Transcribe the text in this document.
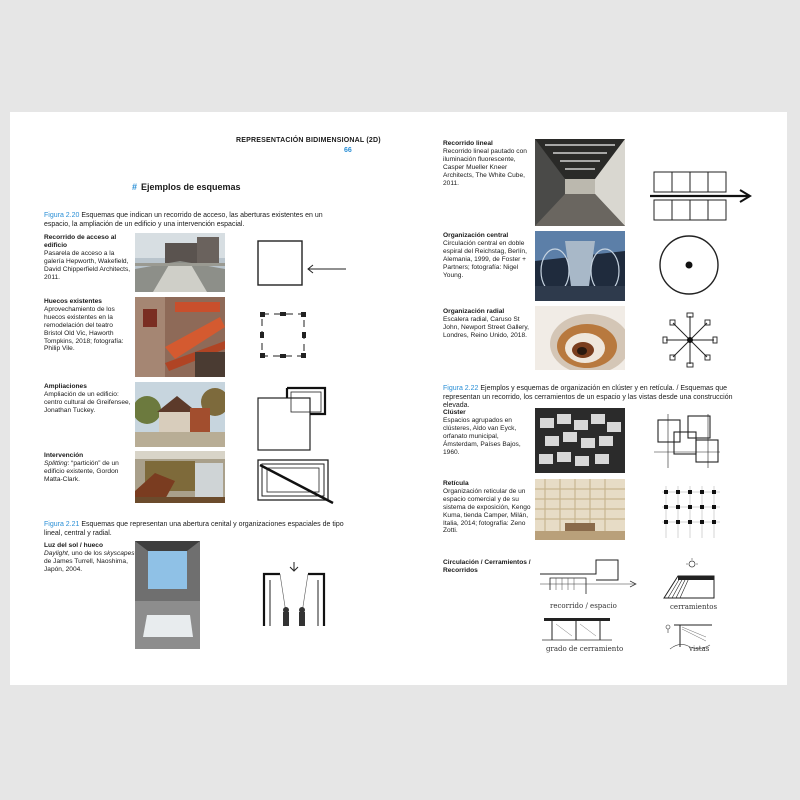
REPRESENTACIÓN BIDIMENSIONAL (2D)
66
# Ejemplos de esquemas
Figura 2.20 Esquemas que indican un recorrido de acceso, las aberturas existentes en un espacio, la ampliación de un edificio y una intervención espacial.
Recorrido de acceso al edificio
Pasarela de acceso a la galería Hepworth, Wakefield, David Chipperfield Architects, 2011.
Huecos existentes
Aprovechamiento de los huecos existentes en la remodelación del teatro Bristol Old Vic, Haworth Tompkins, 2018; fotografía: Philip Vile.
Ampliaciones
Ampliación de un edificio: centro cultural de Greifensee, Jonathan Tuckey.
Intervención
Splitting: “partición” de un edificio existente, Gordon Matta-Clark.
Figura 2.21 Esquemas que representan una abertura cenital y organizaciones espaciales de tipo lineal, central y radial.
Luz del sol / hueco
Daylight, uno de los skyscapes de James Turrell, Naoshima, Japón, 2004.
Recorrido lineal
Recorrido lineal pautado con iluminación fluorescente, Casper Mueller Kneer Architects, The White Cube, 2011.
Organización central
Circulación central en doble espiral del Reichstag, Berlín, Alemania, 1999, de Foster + Partners; fotografía: Nigel Young.
Organización radial
Escalera radial, Caruso St John, Newport Street Gallery, Londres, Reino Unido, 2018.
Figura 2.22 Ejemplos y esquemas de organización en clúster y en retícula. / Esquemas que representan un recorrido, los cerramientos de un espacio y las vistas desde una construcción elevada.
Clúster
Espacios agrupados en clústeres, Aldo van Eyck, orfanato municipal, Ámsterdam, Países Bajos, 1960.
Retícula
Organización reticular de un espacio comercial y de su sistema de exposición, Kengo Kuma, tienda Camper, Milán, Italia, 2014; fotografía: Zeno Zotti.
Circulación / Cerramientos / Recorridos
recorrido / espacio	cerramientos
grado de cerramiento	vistas
